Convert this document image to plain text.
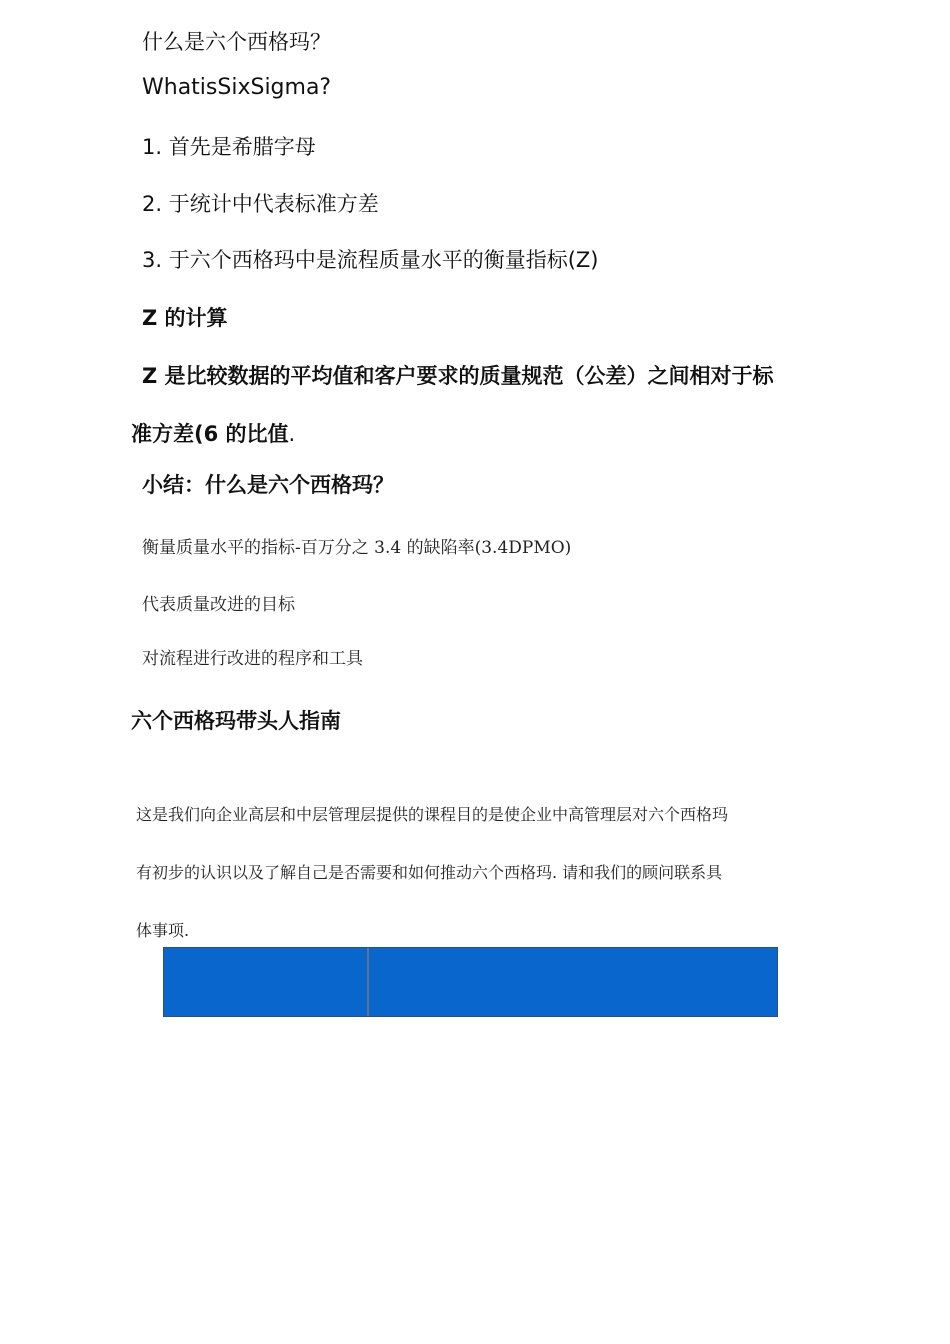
什么是六个西格玛？

WhatisSixSigma?

1. 首先是希腊字母

2. 于统计中代表标准方差

3. 于六个西格玛中是流程质量水平的衡量指标(Z)

Z 的计算

Z 是比较数据的平均值和客户要求的质量规范（公差）之间相对于标

准方差(6 的比值.

小结：什么是六个西格玛？

衡量质量水平的指标-百万分之 3.4 的缺陷率(3.4DPMO)

代表质量改进的目标

对流程进行改进的程序和工具

六个西格玛带头人指南

这是我们向企业高层和中层管理层提供的课程目的是使企业中高管理层对六个西格玛

有初步的认识以及了解自己是否需要和如何推动六个西格玛. 请和我们的顾问联系具

体事项.
